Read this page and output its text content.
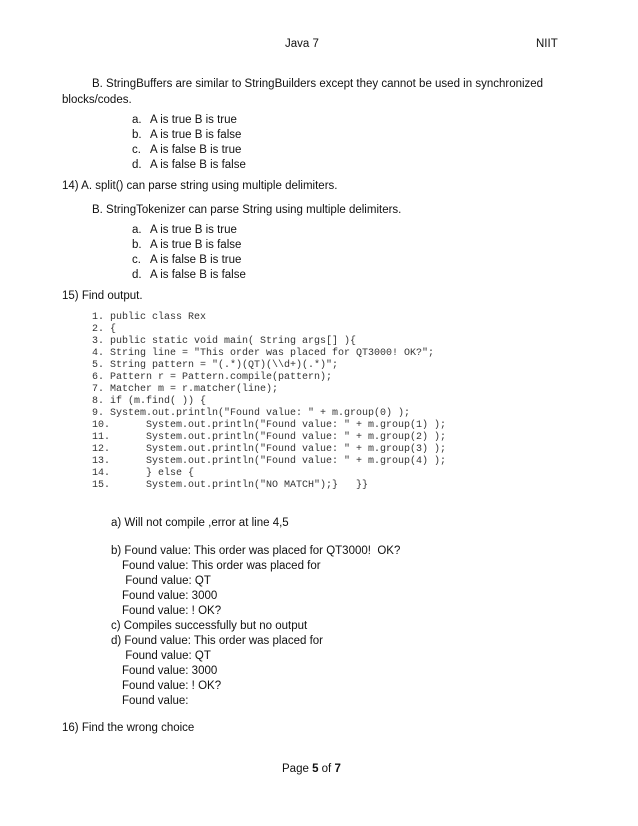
Java 7	NIIT
B. StringBuffers are similar to StringBuilders except they cannot be used in synchronized
blocks/codes.
a. A is true B is true
b. A is true B is false
c. A is false B is true
d. A is false B is false
14) A. split() can parse string using multiple delimiters.
B. StringTokenizer can parse String using multiple delimiters.
a. A is true B is true
b. A is true B is false
c. A is false B is true
d. A is false B is false
15) Find output.
1. public class Rex
2. {
3. public static void main( String args[] ){
4. String line = "This order was placed for QT3000! OK?";
5. String pattern = "(.*)(QT)(\\d+)(.*)";
6. Pattern r = Pattern.compile(pattern);
7. Matcher m = r.matcher(line);
8. if (m.find( )) {
9. System.out.println("Found value: " + m.group(0) );
10.      System.out.println("Found value: " + m.group(1) );
11.      System.out.println("Found value: " + m.group(2) );
12.      System.out.println("Found value: " + m.group(3) );
13.      System.out.println("Found value: " + m.group(4) );
14.      } else {
15.      System.out.println("NO MATCH");}   }}
a) Will not compile ,error at line 4,5
b) Found value: This order was placed for QT3000!  OK?
Found value: This order was placed for
Found value: QT
Found value: 3000
Found value: ! OK?
c) Compiles successfully but no output
d) Found value: This order was placed for
Found value: QT
Found value: 3000
Found value: ! OK?
Found value:
16) Find the wrong choice
Page 5 of 7
